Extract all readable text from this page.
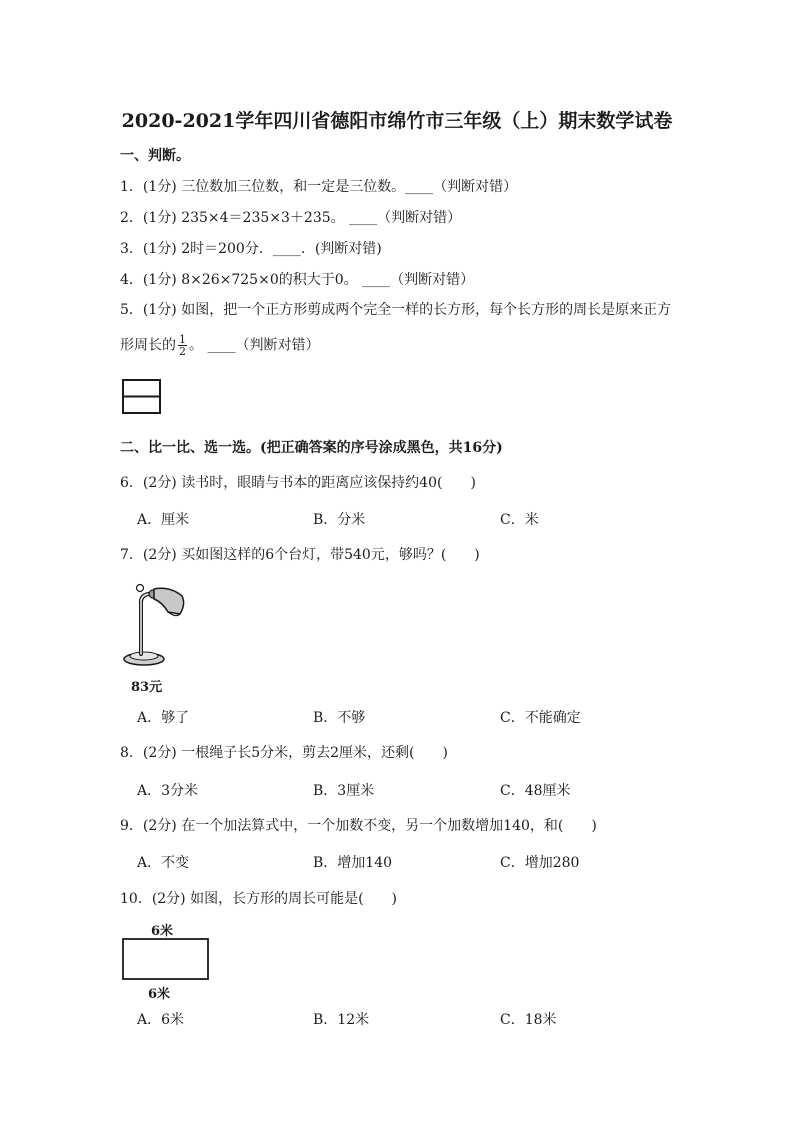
2020-2021学年四川省德阳市绵竹市三年级（上）期末数学试卷
一、判断。
1．(1分) 三位数加三位数，和一定是三位数。____（判断对错）
2．(1分) 235×4＝235×3＋235。 ____（判断对错）
3．(1分) 2时＝200分．____．(判断对错)
4．(1分) 8×26×725×0的积大于0。 ____（判断对错）
5．(1分) 如图，把一个正方形剪成两个完全一样的长方形，每个长方形的周长是原来正方
形周长的 $\frac{1}{2}$ 。 ____（判断对错）
二、比一比、选一选。(把正确答案的序号涂成黑色，共16分)
6．(2分) 读书时，眼睛与书本的距离应该保持约40(　　)
A．厘米	B．分米	C．米
7．(2分) 买如图这样的6个台灯，带540元，够吗？(　　)
83元
A．够了	B．不够	C．不能确定
8．(2分) 一根绳子长5分米，剪去2厘米，还剩(　　)
A．3分米	B．3厘米	C．48厘米
9．(2分) 在一个加法算式中，一个加数不变，另一个加数增加140，和(　　)
A．不变	B．增加140	C．增加280
10．(2分) 如图，长方形的周长可能是(　　)
6米
6米
A．6米	B．12米	C．18米
